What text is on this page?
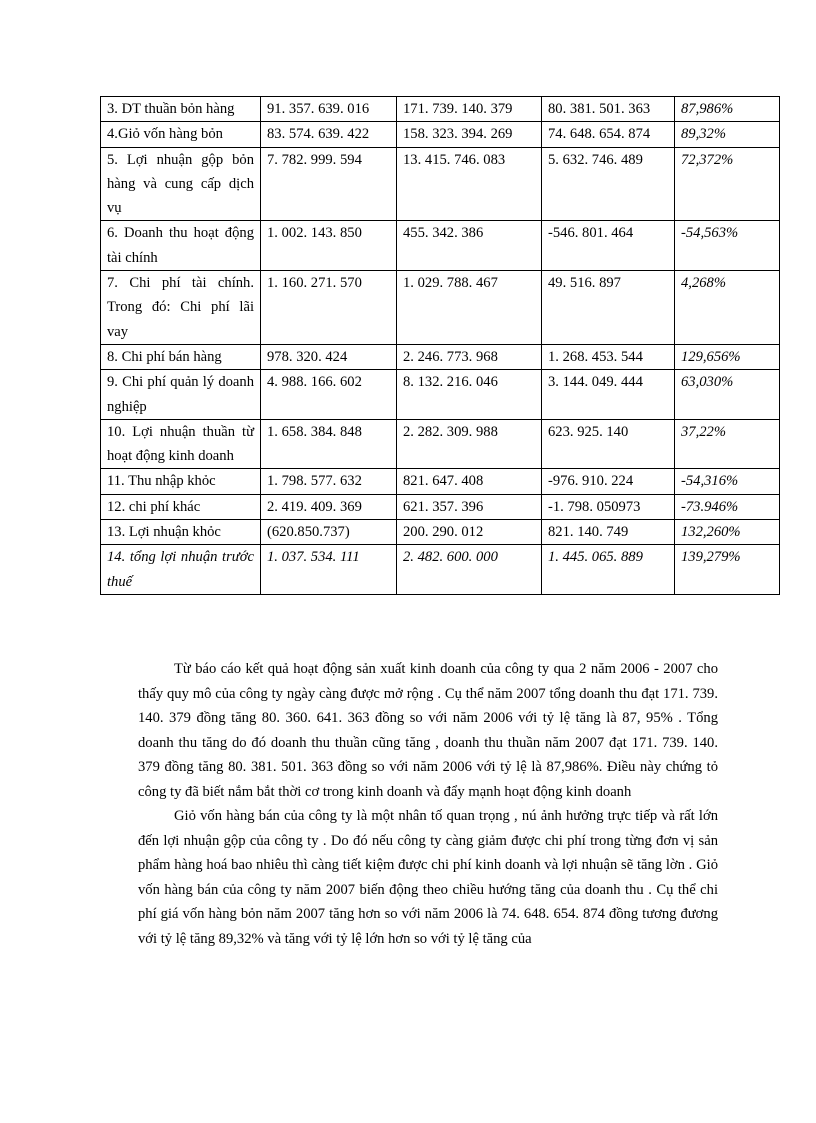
3. DT thuần bỏn hàng	91. 357. 639. 016	171. 739. 140. 379	80. 381. 501. 363	87,986%
4.Giỏ vốn hàng bỏn	83. 574. 639. 422	158. 323. 394. 269	74. 648. 654. 874	89,32%
5. Lợi nhuận gộp bỏn hàng và cung cấp dịch vụ	7. 782. 999. 594	13. 415. 746. 083	5. 632. 746. 489	72,372%
6. Doanh thu hoạt động tài chính	1. 002. 143. 850	455. 342. 386	-546. 801. 464	-54,563%
7. Chi phí tài chính. Trong đó: Chi phí lãi vay	1. 160. 271. 570	1. 029. 788. 467	49. 516. 897	4,268%
8. Chi phí bán hàng	978. 320. 424	2. 246. 773. 968	1. 268. 453. 544	129,656%
9. Chi phí quản lý doanh nghiệp	4. 988. 166. 602	8. 132. 216. 046	3. 144. 049. 444	63,030%
10. Lợi nhuận thuần từ hoạt động kinh doanh	1. 658. 384. 848	2. 282. 309. 988	623. 925. 140	37,22%
11. Thu nhập khỏc	1. 798. 577. 632	821. 647. 408	-976. 910. 224	-54,316%
12. chi phí khác	2. 419. 409. 369	621. 357. 396	-1. 798. 050973	-73.946%
13. Lợi nhuận khỏc	(620.850.737)	200. 290. 012	821. 140. 749	132,260%
14. tổng lợi nhuận trước thuế	1. 037. 534. 111	2. 482. 600. 000	1. 445. 065. 889	139,279%

Từ báo cáo kết quả hoạt động sản xuất kinh doanh của công ty qua 2 năm 2006 - 2007 cho thấy quy mô của công ty ngày càng được mở rộng . Cụ thể năm 2007 tổng doanh thu đạt 171. 739. 140. 379 đồng tăng 80. 360. 641. 363 đồng so với năm 2006 với tỷ lệ tăng là 87, 95% . Tổng doanh thu tăng do đó doanh thu thuần cũng tăng , doanh thu thuần năm 2007 đạt 171. 739. 140. 379 đồng tăng 80. 381. 501. 363 đồng so với năm 2006 với tỷ lệ là 87,986%. Điều này chứng tỏ công ty đã biết nắm bắt thời cơ trong kinh doanh và đẩy mạnh hoạt động kinh doanh

Giỏ vốn hàng bán của công ty là một nhân tố quan trọng , nú ảnh hưởng trực tiếp và rất lớn đến lợi nhuận gộp của công ty . Do đó nếu công ty càng giảm được chi phí trong từng đơn vị sản phẩm hàng hoá bao nhiêu thì càng tiết kiệm được chi phí kinh doanh và lợi nhuận sẽ tăng lờn . Giỏ vốn hàng bán của công ty năm 2007 biến động theo chiều hướng tăng của doanh thu . Cụ thể chi phí giá vốn hàng bỏn năm 2007 tăng hơn so với năm 2006 là 74. 648. 654. 874 đồng tương đương với tỷ lệ tăng 89,32% và tăng với tỷ lệ lớn hơn so với tỷ lệ tăng của
